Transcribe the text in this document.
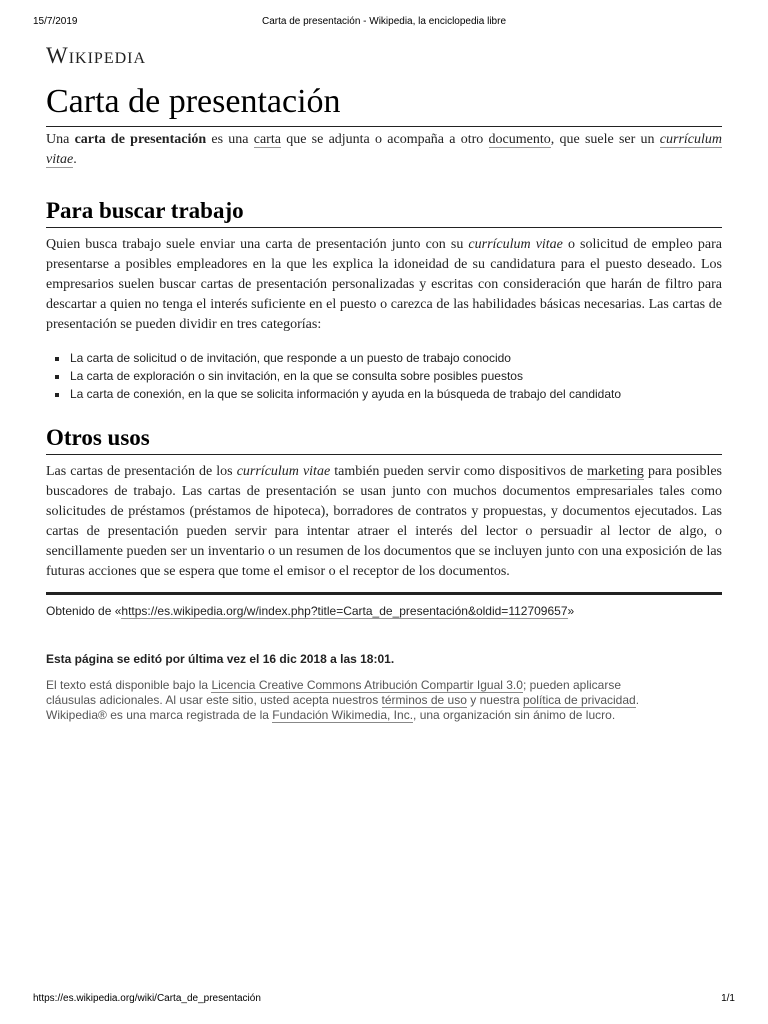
15/7/2019	Carta de presentación - Wikipedia, la enciclopedia libre
Wikipedia
Carta de presentación

Una carta de presentación es una carta que se adjunta o acompaña a otro documento, que suele ser un currículum vitae.

Para buscar trabajo

Quien busca trabajo suele enviar una carta de presentación junto con su currículum vitae o solicitud de empleo para presentarse a posibles empleadores en la que les explica la idoneidad de su candidatura para el puesto deseado. Los empresarios suelen buscar cartas de presentación personalizadas y escritas con consideración que harán de filtro para descartar a quien no tenga el interés suficiente en el puesto o carezca de las habilidades básicas necesarias. Las cartas de presentación se pueden dividir en tres categorías:

La carta de solicitud o de invitación, que responde a un puesto de trabajo conocido
La carta de exploración o sin invitación, en la que se consulta sobre posibles puestos
La carta de conexión, en la que se solicita información y ayuda en la búsqueda de trabajo del candidato
Otros usos

Las cartas de presentación de los currículum vitae también pueden servir como dispositivos de marketing para posibles buscadores de trabajo. Las cartas de presentación se usan junto con muchos documentos empresariales tales como solicitudes de préstamos (préstamos de hipoteca), borradores de contratos y propuestas, y documentos ejecutados. Las cartas de presentación pueden servir para intentar atraer el interés del lector o persuadir al lector de algo, o sencillamente pueden ser un inventario o un resumen de los documentos que se incluyen junto con una exposición de las futuras acciones que se espera que tome el emisor o el receptor de los documentos.

Obtenido de «https://es.wikipedia.org/w/index.php?title=Carta_de_presentación&oldid=112709657»
Esta página se editó por última vez el 16 dic 2018 a las 18:01.
El texto está disponible bajo la Licencia Creative Commons Atribución Compartir Igual 3.0; pueden aplicarse cláusulas adicionales. Al usar este sitio, usted acepta nuestros términos de uso y nuestra política de privacidad.
Wikipedia® es una marca registrada de la Fundación Wikimedia, Inc., una organización sin ánimo de lucro.
https://es.wikipedia.org/wiki/Carta_de_presentación	1/1
